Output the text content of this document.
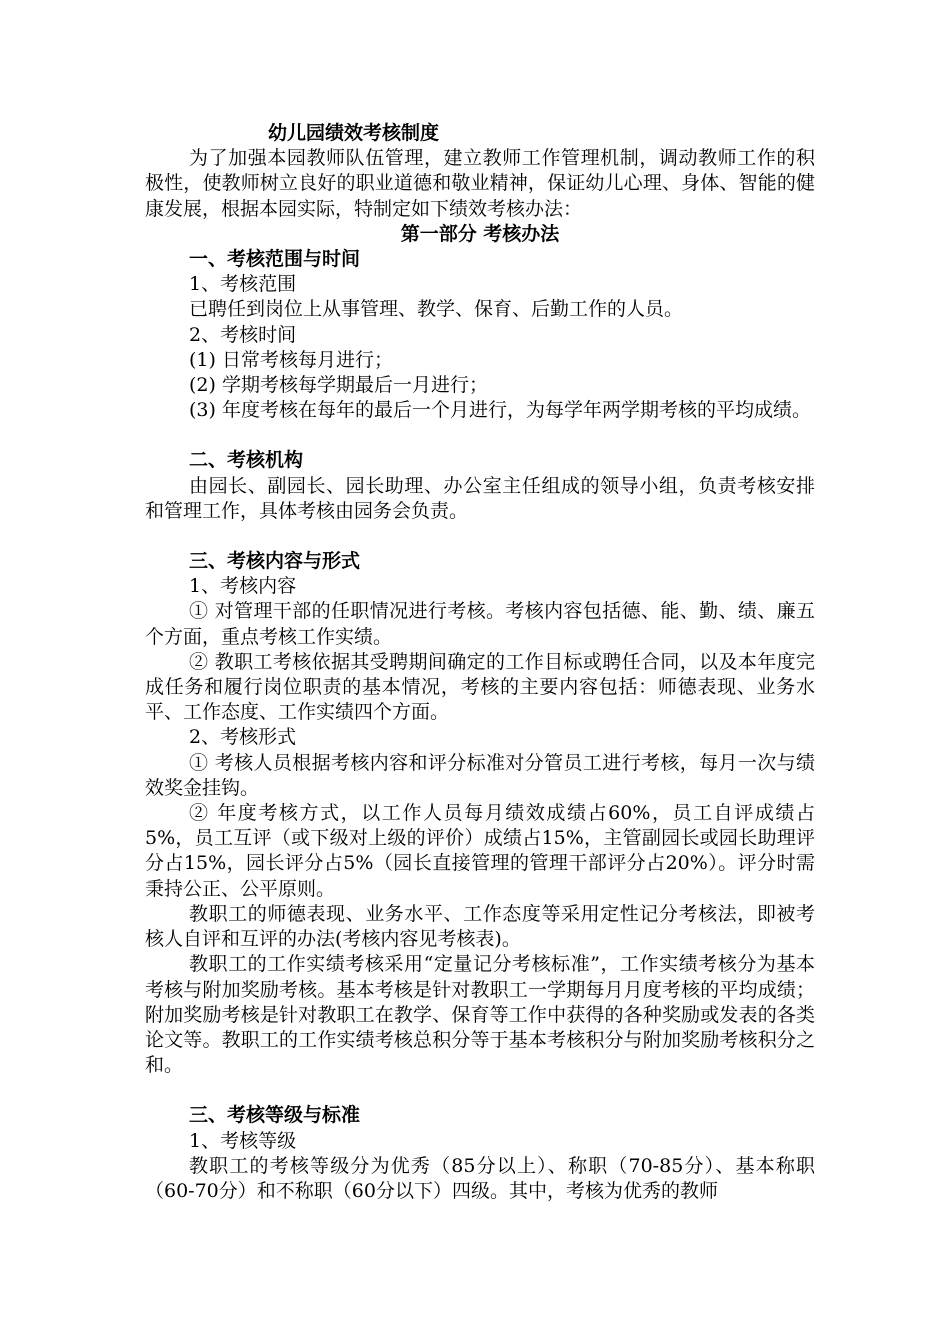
幼儿园绩效考核制度

为了加强本园教师队伍管理，建立教师工作管理机制，调动教师工作的积极性，使教师树立良好的职业道德和敬业精神，保证幼儿心理、身体、智能的健康发展，根据本园实际，特制定如下绩效考核办法：

第一部分 考核办法

一、考核范围与时间

1、考核范围

已聘任到岗位上从事管理、教学、保育、后勤工作的人员。

2、考核时间

(1) 日常考核每月进行；

(2) 学期考核每学期最后一月进行；

(3) 年度考核在每年的最后一个月进行，为每学年两学期考核的平均成绩。

二、考核机构

由园长、副园长、园长助理、办公室主任组成的领导小组，负责考核安排和管理工作，具体考核由园务会负责。

三、考核内容与形式

1、考核内容

① 对管理干部的任职情况进行考核。考核内容包括德、能、勤、绩、廉五个方面，重点考核工作实绩。

② 教职工考核依据其受聘期间确定的工作目标或聘任合同，以及本年度完成任务和履行岗位职责的基本情况，考核的主要内容包括：师德表现、业务水平、工作态度、工作实绩四个方面。

2、考核形式

① 考核人员根据考核内容和评分标准对分管员工进行考核，每月一次与绩效奖金挂钩。

② 年度考核方式，以工作人员每月绩效成绩占60%，员工自评成绩占5%，员工互评（或下级对上级的评价）成绩占15%，主管副园长或园长助理评分占15%，园长评分占5%（园长直接管理的管理干部评分占20%）。评分时需秉持公正、公平原则。

教职工的师德表现、业务水平、工作态度等采用定性记分考核法，即被考核人自评和互评的办法(考核内容见考核表)。

教职工的工作实绩考核采用“定量记分考核标准”，工作实绩考核分为基本考核与附加奖励考核。基本考核是针对教职工一学期每月月度考核的平均成绩；附加奖励考核是针对教职工在教学、保育等工作中获得的各种奖励或发表的各类论文等。教职工的工作实绩考核总积分等于基本考核积分与附加奖励考核积分之和。

三、考核等级与标准

1、考核等级

教职工的考核等级分为优秀（85分以上）、称职（70-85分）、基本称职（60-70分）和不称职（60分以下）四级。其中，考核为优秀的教师
